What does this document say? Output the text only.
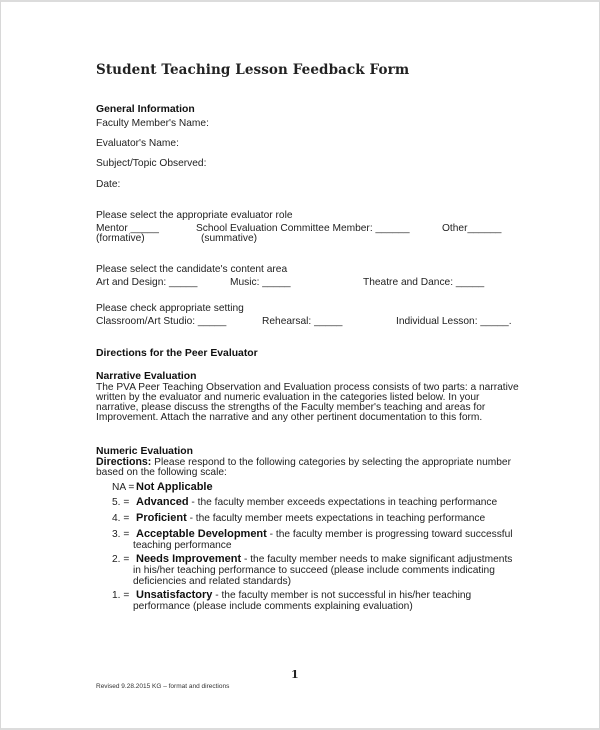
Student Teaching Lesson Feedback Form
General Information
Faculty Member's Name:
Evaluator's Name:
Subject/Topic Observed:
Date:
Please select the appropriate evaluator role
Mentor _____
(formative)
School Evaluation Committee Member: ______
(summative)
Other______
Please select the candidate's content area
Art and Design: _____	Music: _____	Theatre and Dance: _____
Please check appropriate setting
Classroom/Art Studio: _____	Rehearsal: _____	Individual Lesson: _____.
Directions for the Peer Evaluator
Narrative Evaluation
The PVA Peer Teaching Observation and Evaluation process consists of two parts: a narrative
written by the evaluator and numeric evaluation in the categories listed below. In your
narrative, please discuss the strengths of the Faculty member's teaching and areas for
Improvement. Attach the narrative and any other pertinent documentation to this form.
Numeric Evaluation
Directions: Please respond to the following categories by selecting the appropriate number
based on the following scale:
NA = Not Applicable
5. = Advanced - the faculty member exceeds expectations in teaching performance
4. = Proficient - the faculty member meets expectations in teaching performance
3. = Acceptable Development - the faculty member is progressing toward successful
teaching performance
2. = Needs Improvement - the faculty member needs to make significant adjustments
in his/her teaching performance to succeed (please include comments indicating
deficiencies and related standards)
1. = Unsatisfactory - the faculty member is not successful in his/her teaching
performance (please include comments explaining evaluation)
1
Revised 9.28.2015 KG – format and directions
